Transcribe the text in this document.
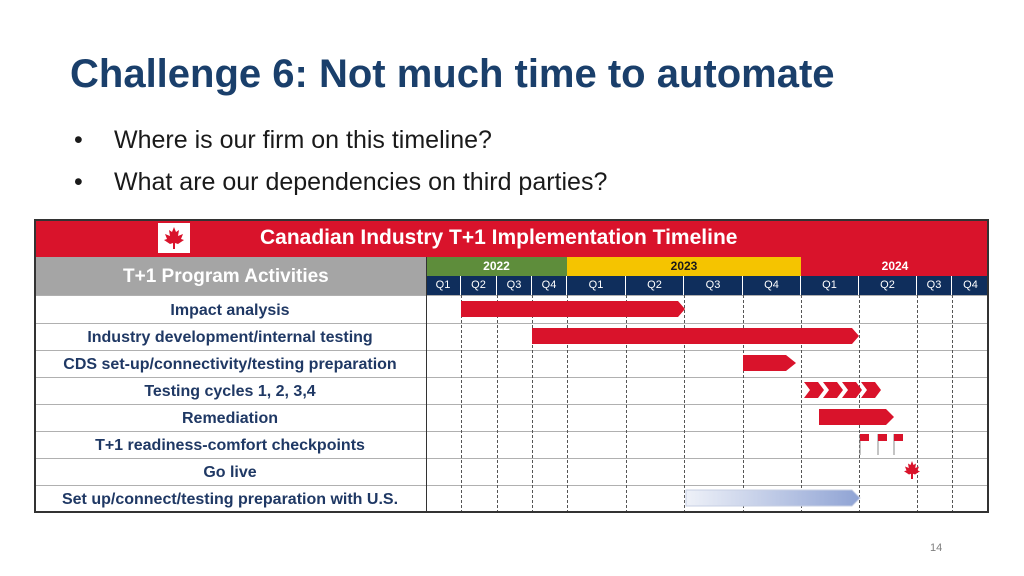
Challenge 6: Not much time to automate
• Where is our firm on this timeline?
• What are our dependencies on third parties?
Canadian Industry T+1 Implementation Timeline
T+1 Program Activities	2022	2023	2024
Q1	Q2	Q3	Q4	Q1	Q2	Q3	Q4	Q1	Q2	Q3	Q4
Impact analysis
Industry development/internal testing
CDS set-up/connectivity/testing preparation
Testing cycles 1, 2, 3,4
Remediation
T+1 readiness-comfort checkpoints
Go live
Set up/connect/testing preparation with U.S.
14
